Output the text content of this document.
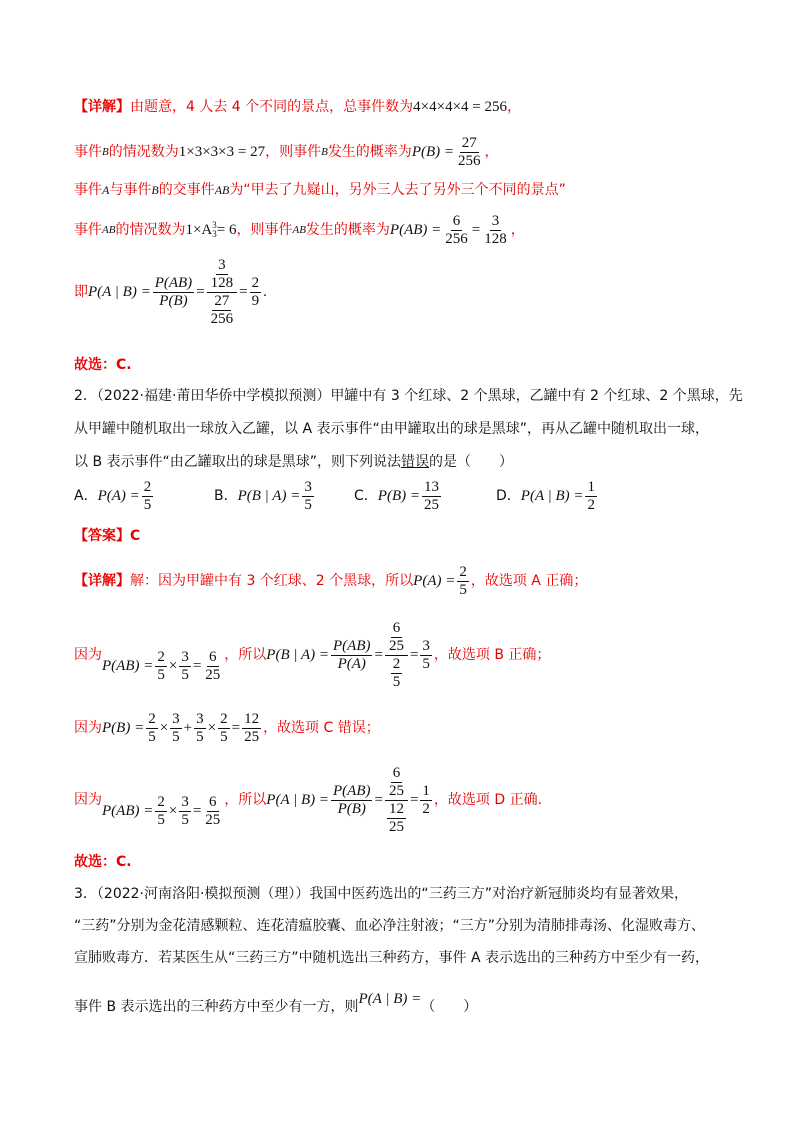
【详解】 由题意，4 人去 4 个不同的景点，总事件数为 4×4×4×4 = 256 ，
事件 B 的情况数为 1×3×3×3 = 27 ，则事件 B 发生的概率为 $P(B) = \frac{27}{256}$ ，
事件 A 与事件 B 的交事件 AB 为“甲去了九嶷山，另外三人去了另外三个不同的景点”
事件 AB 的情况数为 1×A 3
3 = 6 ，则事件 AB 发生的概率为 $P(AB) = \frac{6}{256} = \frac{3}{128}$ ，
即 P(A | $B) = \frac{P(AB)}{P(B)} = \frac{\frac{3}{128}}{\frac{27}{256}} = \frac{2}{9}$ .
故选：C.
2．（2022·福建·莆田华侨中学模拟预测）甲罐中有 3 个红球、2 个黑球，乙罐中有 2 个红球、2 个黑球，先
从甲罐中随机取出一球放入乙罐，以 A 表示事件“由甲罐取出的球是黑球”，再从乙罐中随机取出一球，
以 B 表示事件“由乙罐取出的球是黑球”，则下列说法 错误 的是（　　）
A． $P(A) = \frac{2}{5}$	B． P(B | $A) = \frac{3}{5}$	C． $P(B) = \frac{13}{25}$	D． P(A | $B) = \frac{1}{2}$
【答案】C
【详解】 解：因为甲罐中有 3 个红球、2 个黑球，所以 $P(A) = \frac{2}{5}$ ，故选项 A 正确；
因为
$P(AB) = \frac{2}{5} \times \frac{3}{5} = \frac{6}{25}$ ，所以 P(B | $A) = \frac{P(AB)}{P(A)} = \frac{\frac{6}{25}}{\frac{2}{5}} = \frac{3}{5}$ ，故选项 B 正确；
因为 $P(B) = \frac{2}{5} \times \frac{3}{5} + \frac{3}{5} \times \frac{2}{5} = \frac{12}{25}$ ，故选项 C 错误；
因为
$P(AB) = \frac{2}{5} \times \frac{3}{5} = \frac{6}{25}$ ，所以 P(A | $B) = \frac{P(AB)}{P(B)} = \frac{\frac{6}{25}}{\frac{12}{25}} = \frac{1}{2}$ ，故选项 D 正确.
故选：C.
3．（2022·河南洛阳·模拟预测（理））我国中医药选出的“三药三方”对治疗新冠肺炎均有显著效果，
“三药”分别为金花清感颗粒、连花清瘟胶囊、血必净注射液；“三方”分别为清肺排毒汤、化湿败毒方、
宣肺败毒方．若某医生从“三药三方”中随机选出三种药方，事件 A 表示选出的三种药方中至少有一药，
事件 B 表示选出的三种药方中至少有一方，则 P(A | B) = （　　）
